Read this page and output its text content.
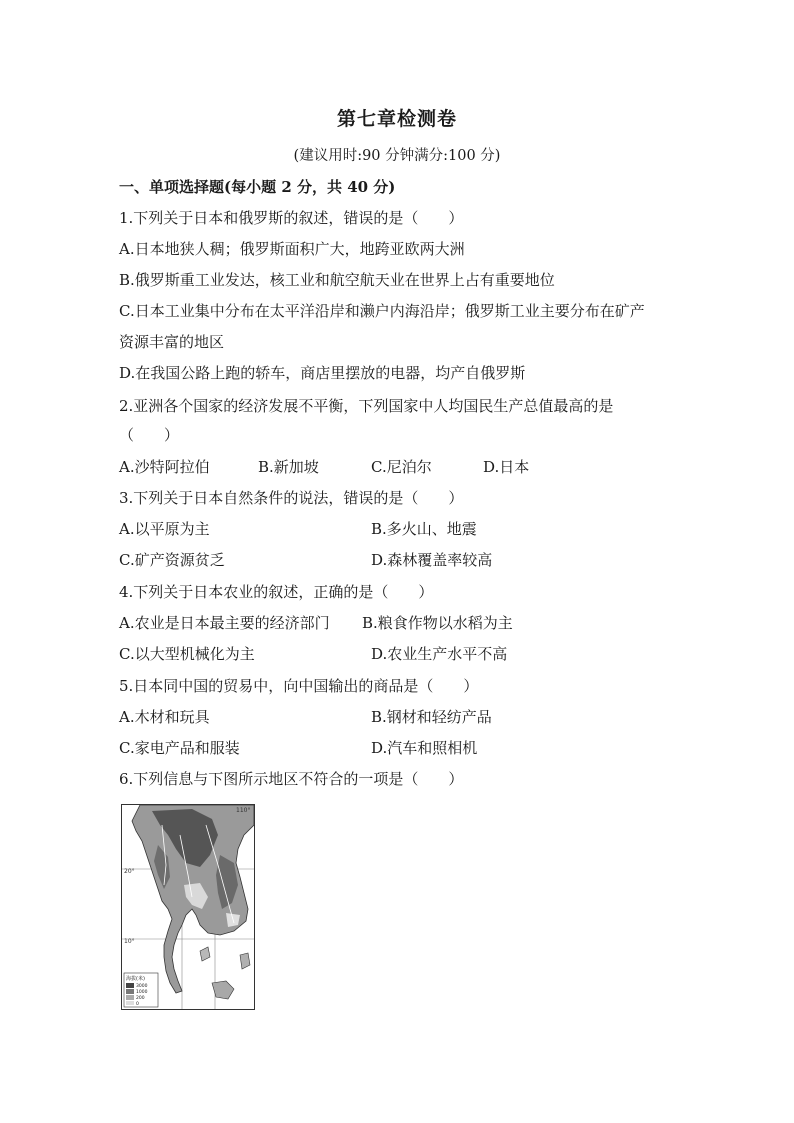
第七章检测卷
(建议用时:90 分钟满分:100 分)
一、单项选择题(每小题 2 分，共 40 分)
1.下列关于日本和俄罗斯的叙述，错误的是（　　）
A.日本地狭人稠；俄罗斯面积广大，地跨亚欧两大洲
B.俄罗斯重工业发达，核工业和航空航天业在世界上占有重要地位
C.日本工业集中分布在太平洋沿岸和濑户内海沿岸；俄罗斯工业主要分布在矿产
资源丰富的地区
D.在我国公路上跑的轿车，商店里摆放的电器，均产自俄罗斯
2.亚洲各个国家的经济发展不平衡，下列国家中人均国民生产总值最高的是
（　　）
A.沙特阿拉伯	B.新加坡	C.尼泊尔	D.日本
3.下列关于日本自然条件的说法，错误的是（　　）
A.以平原为主	B.多火山、地震
C.矿产资源贫乏	D.森林覆盖率较高
4.下列关于日本农业的叙述，正确的是（　　）
A.农业是日本最主要的经济部门 B.粮食作物以水稻为主
C.以大型机械化为主	D.农业生产水平不高
5.日本同中国的贸易中，向中国输出的商品是（　　）
A.木材和玩具	B.钢材和轻纺产品
C.家电产品和服装	D.汽车和照相机
6.下列信息与下图所示地区不符合的一项是（　　）
20°
10°
110°
海拔(米)
3000
1000
200
0
